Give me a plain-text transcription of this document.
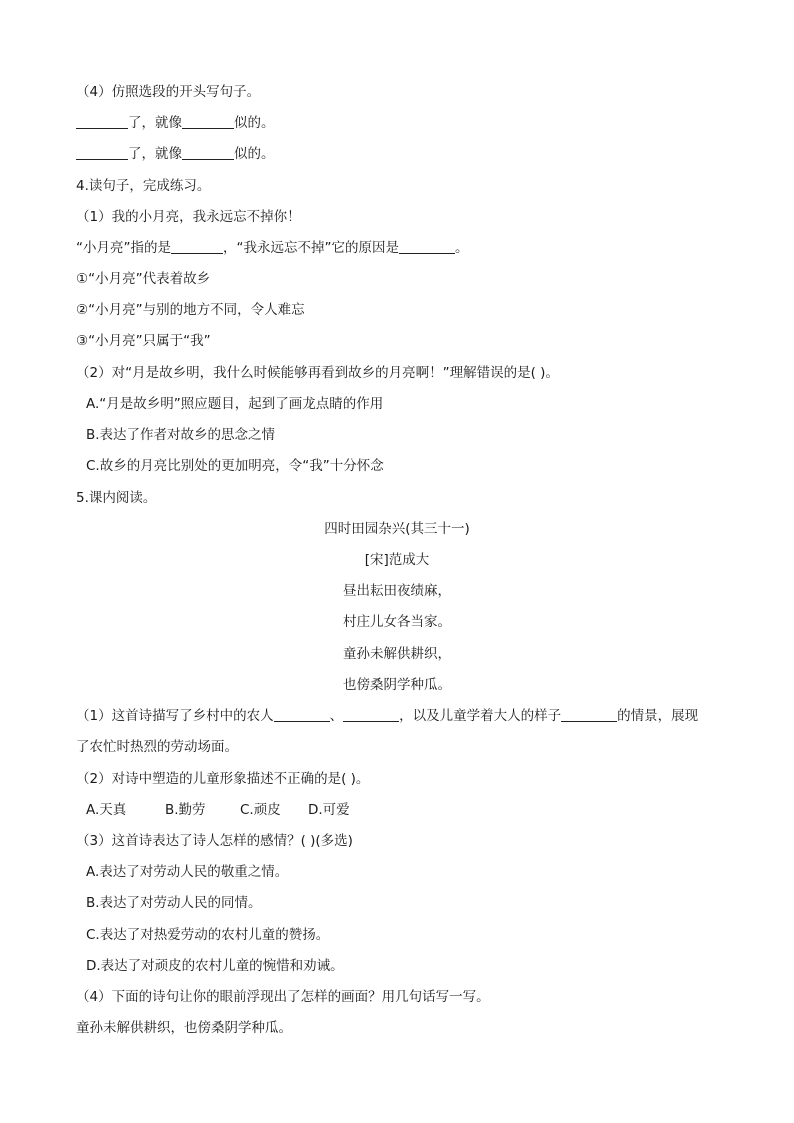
（4）仿照选段的开头写句子。
了，就像	似的。
了，就像	似的。
4.读句子，完成练习。
（1）我的小月亮，我永远忘不掉你！
“小月亮”指的是	，“我永远忘不掉”它的原因是	。
①“小月亮”代表着故乡
②“小月亮”与别的地方不同，令人难忘
③“小月亮”只属于“我”
（2）对“月是故乡明，我什么时候能够再看到故乡的月亮啊！”理解错误的是( )。
A.“月是故乡明”照应题目，起到了画龙点睛的作用
B.表达了作者对故乡的思念之情
C.故乡的月亮比别处的更加明亮，令“我”十分怀念
5.课内阅读。
四时田园杂兴(其三十一)
[宋]范成大
昼出耘田夜绩麻，
村庄儿女各当家。
童孙未解供耕织，
也傍桑阴学种瓜。
（1）这首诗描写了乡村中的农人	、	，以及儿童学着大人的样子	的情景，展现
了农忙时热烈的劳动场面。
（2）对诗中塑造的儿童形象描述不正确的是( )。
A.天真	B.勤劳	C.顽皮 D.可爱
（3）这首诗表达了诗人怎样的感情？( )(多选)
A.表达了对劳动人民的敬重之情。
B.表达了对劳动人民的同情。
C.表达了对热爱劳动的农村儿童的赞扬。
D.表达了对顽皮的农村儿童的惋惜和劝诫。
（4）下面的诗句让你的眼前浮现出了怎样的画面？用几句话写一写。
童孙未解供耕织，也傍桑阴学种瓜。
